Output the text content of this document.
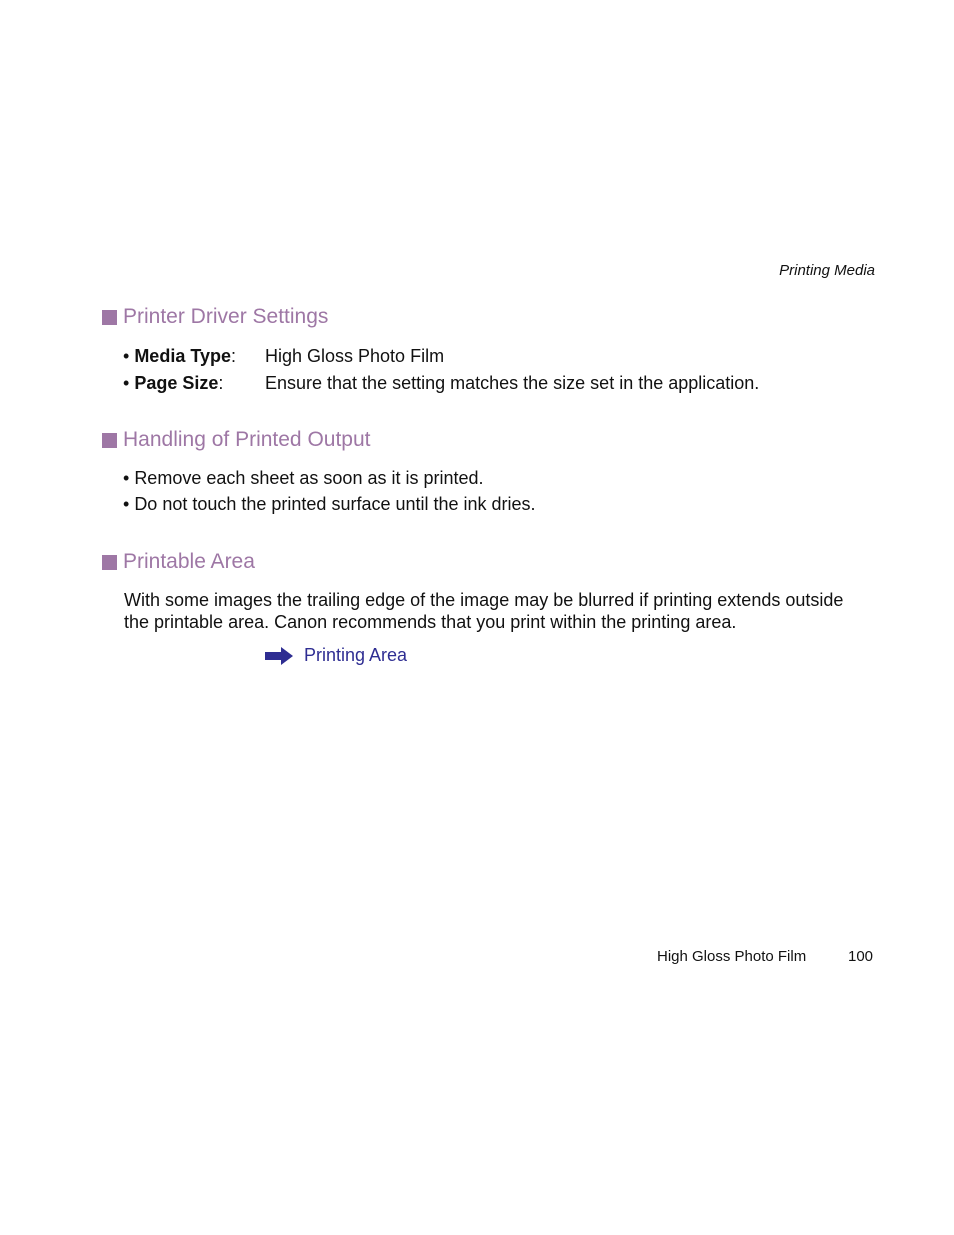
Printing Media
Printer Driver Settings
• Media Type: High Gloss Photo Film
• Page Size: Ensure that the setting matches the size set in the application.
Handling of Printed Output
• Remove each sheet as soon as it is printed.
• Do not touch the printed surface until the ink dries.
Printable Area
With some images the trailing edge of the image may be blurred if printing extends outside the printable area. Canon recommends that you print within the printing area.
Printing Area
High Gloss Photo Film	100
